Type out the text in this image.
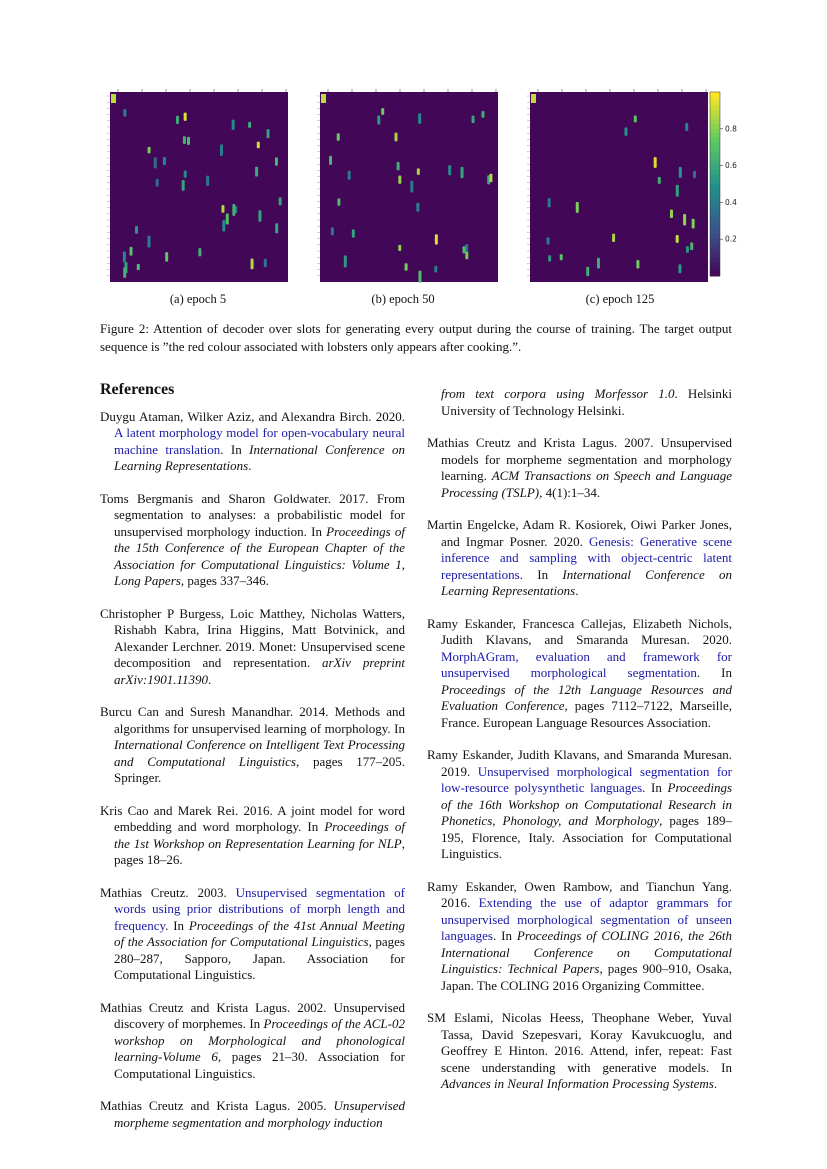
0.8
0.6
0.4
0.2
(a) epoch 5	(b) epoch 50	(c) epoch 125
Figure 2: Attention of decoder over slots for generating every output during the course of training. The target output sequence is ”the red colour associated with lobsters only appears after cooking.”.
References

Duygu Ataman, Wilker Aziz, and Alexandra Birch. 2020. A latent morphology model for open-vocabulary neural machine translation. In International Conference on Learning Representations.

Toms Bergmanis and Sharon Goldwater. 2017. From segmentation to analyses: a probabilistic model for unsupervised morphology induction. In Proceedings of the 15th Conference of the European Chapter of the Association for Computational Linguistics: Volume 1, Long Papers, pages 337–346.

Christopher P Burgess, Loic Matthey, Nicholas Watters, Rishabh Kabra, Irina Higgins, Matt Botvinick, and Alexander Lerchner. 2019. Monet: Unsupervised scene decomposition and representation. arXiv preprint arXiv:1901.11390.

Burcu Can and Suresh Manandhar. 2014. Methods and algorithms for unsupervised learning of morphology. In International Conference on Intelligent Text Processing and Computational Linguistics, pages 177–205. Springer.

Kris Cao and Marek Rei. 2016. A joint model for word embedding and word morphology. In Proceedings of the 1st Workshop on Representation Learning for NLP, pages 18–26.

Mathias Creutz. 2003. Unsupervised segmentation of words using prior distributions of morph length and frequency. In Proceedings of the 41st Annual Meeting of the Association for Computational Linguistics, pages 280–287, Sapporo, Japan. Association for Computational Linguistics.

Mathias Creutz and Krista Lagus. 2002. Unsupervised discovery of morphemes. In Proceedings of the ACL-02 workshop on Morphological and phonological learning-Volume 6, pages 21–30. Association for Computational Linguistics.

Mathias Creutz and Krista Lagus. 2005. Unsupervised morpheme segmentation and morphology induction

from text corpora using Morfessor 1.0. Helsinki University of Technology Helsinki.

Mathias Creutz and Krista Lagus. 2007. Unsupervised models for morpheme segmentation and morphology learning. ACM Transactions on Speech and Language Processing (TSLP), 4(1):1–34.

Martin Engelcke, Adam R. Kosiorek, Oiwi Parker Jones, and Ingmar Posner. 2020. Genesis: Generative scene inference and sampling with object-centric latent representations. In International Conference on Learning Representations.

Ramy Eskander, Francesca Callejas, Elizabeth Nichols, Judith Klavans, and Smaranda Muresan. 2020. MorphAGram, evaluation and framework for unsupervised morphological segmentation. In Proceedings of the 12th Language Resources and Evaluation Conference, pages 7112–7122, Marseille, France. European Language Resources Association.

Ramy Eskander, Judith Klavans, and Smaranda Muresan. 2019. Unsupervised morphological segmentation for low-resource polysynthetic languages. In Proceedings of the 16th Workshop on Computational Research in Phonetics, Phonology, and Morphology, pages 189–195, Florence, Italy. Association for Computational Linguistics.

Ramy Eskander, Owen Rambow, and Tianchun Yang. 2016. Extending the use of adaptor grammars for unsupervised morphological segmentation of unseen languages. In Proceedings of COLING 2016, the 26th International Conference on Computational Linguistics: Technical Papers, pages 900–910, Osaka, Japan. The COLING 2016 Organizing Committee.

SM Eslami, Nicolas Heess, Theophane Weber, Yuval Tassa, David Szepesvari, Koray Kavukcuoglu, and Geoffrey E Hinton. 2016. Attend, infer, repeat: Fast scene understanding with generative models. In Advances in Neural Information Processing Systems.
